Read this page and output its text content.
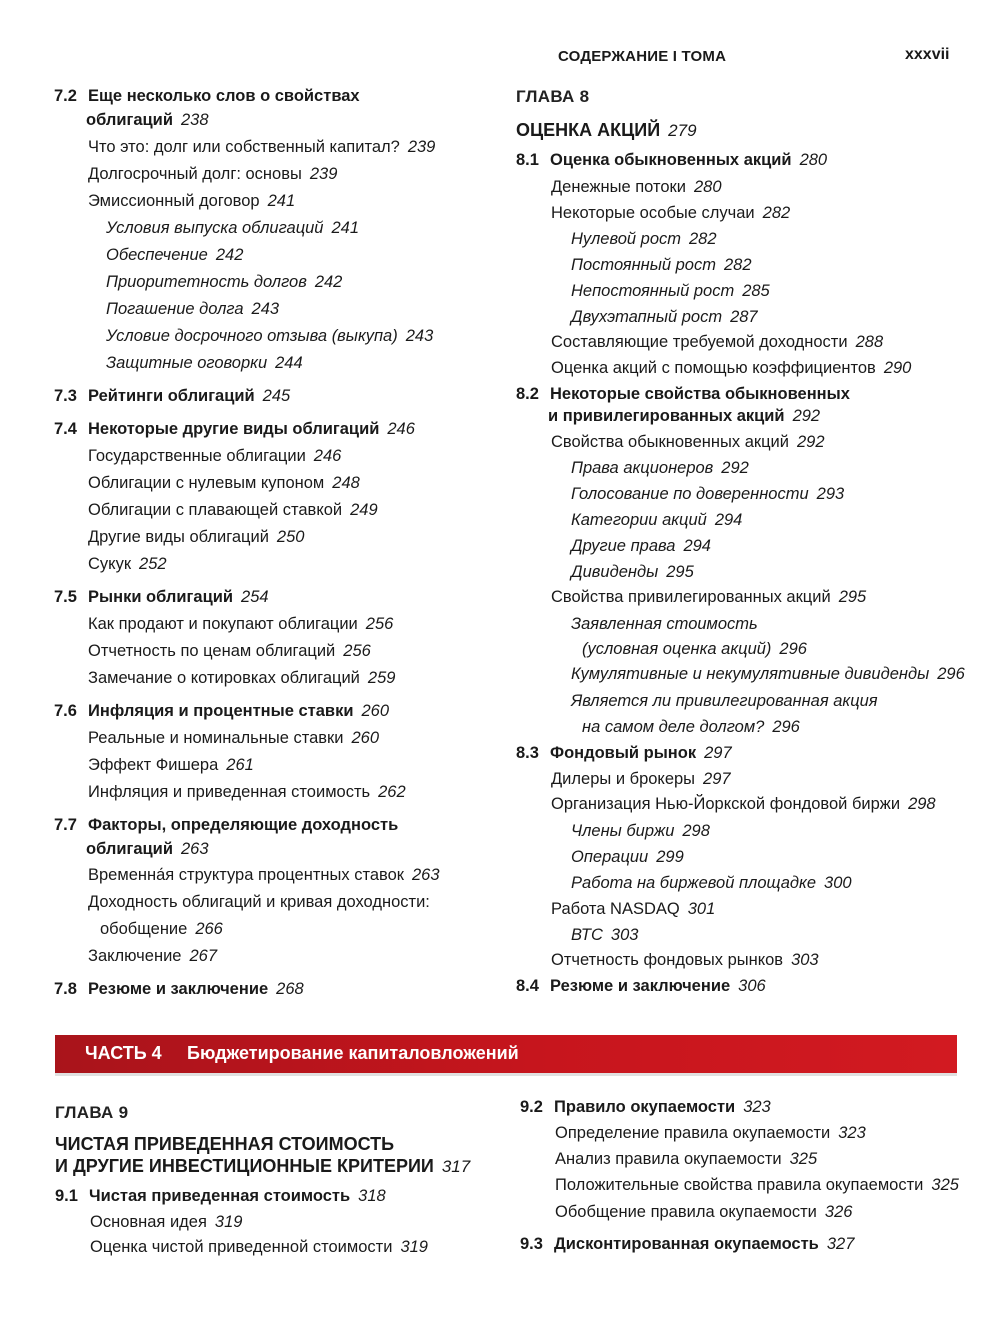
СОДЕРЖАНИЕ I ТОМА	xxxvii
7.2 Еще несколько слов о свойствах
облигаций 238
Что это: долг или собственный капитал? 239
Долгосрочный долг: основы 239
Эмиссионный договор 241
Условия выпуска облигаций 241
Обеспечение 242
Приоритетность долгов 242
Погашение долга 243
Условие досрочного отзыва (выкупа) 243
Защитные оговорки 244
7.3 Рейтинги облигаций 245
7.4 Некоторые другие виды облигаций 246
Государственные облигации 246
Облигации с нулевым купоном 248
Облигации с плавающей ставкой 249
Другие виды облигаций 250
Сукук 252
7.5 Рынки облигаций 254
Как продают и покупают облигации 256
Отчетность по ценам облигаций 256
Замечание о котировках облигаций 259
7.6 Инфляция и процентные ставки 260
Реальные и номинальные ставки 260
Эффект Фишера 261
Инфляция и приведенная стоимость 262
7.7 Факторы, определяющие доходность
облигаций 263
Временна́я структура процентных ставок 263
Доходность облигаций и кривая доходности:
обобщение 266
Заключение 267
7.8 Резюме и заключение 268
ГЛАВА 8
ОЦЕНКА АКЦИЙ 279
8.1 Оценка обыкновенных акций 280
Денежные потоки 280
Некоторые особые случаи 282
Нулевой рост 282
Постоянный рост 282
Непостоянный рост 285
Двухэтапный рост 287
Составляющие требуемой доходности 288
Оценка акций с помощью коэффициентов 290
8.2 Некоторые свойства обыкновенных
и привилегированных акций 292
Свойства обыкновенных акций 292
Права акционеров 292
Голосование по доверенности 293
Категории акций 294
Другие права 294
Дивиденды 295
Свойства привилегированных акций 295
Заявленная стоимость
(условная оценка акций) 296
Кумулятивные и некумулятивные дивиденды 296
Является ли привилегированная акция
на самом деле долгом? 296
8.3 Фондовый рынок 297
Дилеры и брокеры 297
Организация Нью-Йоркской фондовой биржи 298
Члены биржи 298
Операции 299
Работа на биржевой площадке 300
Работа NASDAQ 301
ВТС 303
Отчетность фондовых рынков 303
8.4 Резюме и заключение 306
ЧАСТЬ 4 Бюджетирование капиталовложений
ГЛАВА 9
ЧИСТАЯ ПРИВЕДЕННАЯ СТОИМОСТЬ
И ДРУГИЕ ИНВЕСТИЦИОННЫЕ КРИТЕРИИ 317
9.1 Чистая приведенная стоимость 318
Основная идея 319
Оценка чистой приведенной стоимости 319
9.2 Правило окупаемости 323
Определение правила окупаемости 323
Анализ правила окупаемости 325
Положительные свойства правила окупаемости 325
Обобщение правила окупаемости 326
9.3 Дисконтированная окупаемость 327
